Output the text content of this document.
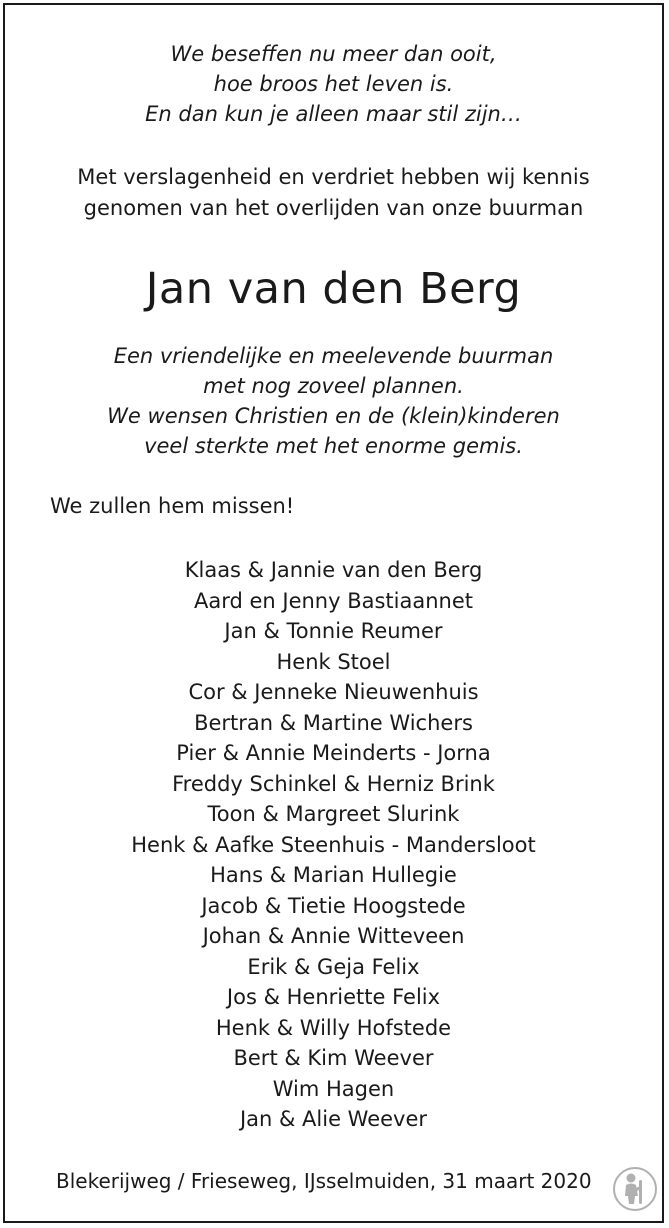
We beseffen nu meer dan ooit,
hoe broos het leven is.
En dan kun je alleen maar stil zijn…
Met verslagenheid en verdriet hebben wij kennis
genomen van het overlijden van onze buurman
Jan van den Berg
Een vriendelijke en meelevende buurman
met nog zoveel plannen.
We wensen Christien en de (klein)kinderen
veel sterkte met het enorme gemis.
We zullen hem missen!
Klaas & Jannie van den Berg
Aard en Jenny Bastiaannet
Jan & Tonnie Reumer
Henk Stoel
Cor & Jenneke Nieuwenhuis
Bertran & Martine Wichers
Pier & Annie Meinderts - Jorna
Freddy Schinkel & Herniz Brink
Toon & Margreet Slurink
Henk & Aafke Steenhuis - Mandersloot
Hans & Marian Hullegie
Jacob & Tietie Hoogstede
Johan & Annie Witteveen
Erik & Geja Felix
Jos & Henriette Felix
Henk & Willy Hofstede
Bert & Kim Weever
Wim Hagen
Jan & Alie Weever
Blekerijweg / Frieseweg, IJsselmuiden, 31 maart 2020
